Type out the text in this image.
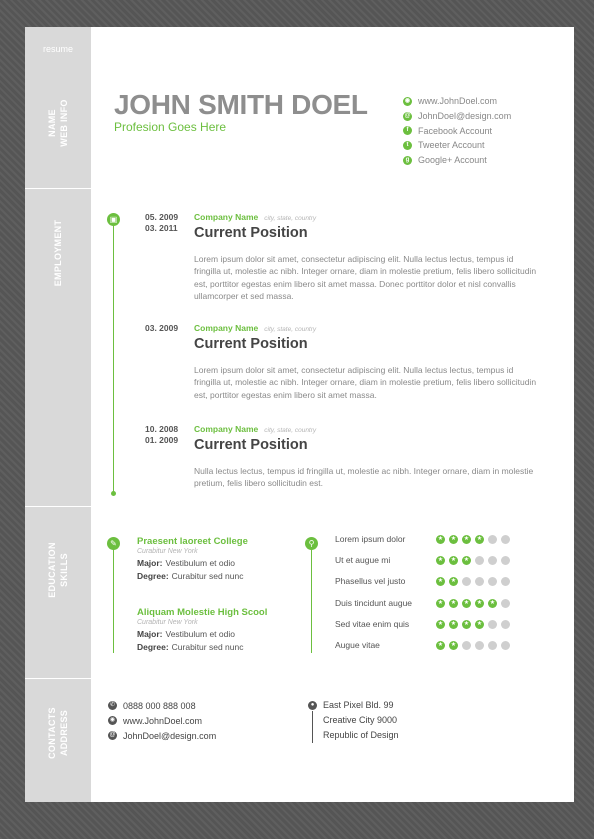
resume
NAME WEB INFO
EMPLOYMENT
EDUCATION SKILLS
CONTACTS ADDRESS
JOHN SMITH DOEL
Profesion Goes Here
◉ www.JohnDoel.com
@ JohnDoel@design.com
f	Facebook Account
t	Tweeter Account
g Google+ Account
▣	05. 2009
03. 2011
Company Name city, state, country
Current Position
Lorem ipsum dolor sit amet, consectetur adipiscing elit. Nulla lectus lectus, tempus id fringilla ut, molestie ac nibh. Integer ornare, diam in molestie pretium, felis libero sollicitudin est, porttitor egestas enim libero sit amet massa. Donec porttitor dolor et nisl convallis ullamcorper et sed massa.
03. 2009	Company Name city, state, country
Current Position
Lorem ipsum dolor sit amet, consectetur adipiscing elit. Nulla lectus lectus, tempus id fringilla ut, molestie ac nibh. Integer ornare, diam in molestie pretium, felis libero sollicitudin est, porttitor egestas enim libero sit amet massa.
10. 2008
01. 2009
Company Name city, state, country
Current Position
Nulla lectus lectus, tempus id fringilla ut, molestie ac nibh. Integer ornare, diam in molestie pretium, felis libero sollicitudin est.
✎	Praesent laoreet College
Curabitur New York
Major: Vestibulum et odio
Degree: Curabitur sed nunc
Aliquam Molestie High Scool
Curabitur New York
Major: Vestibulum et odio
Degree: Curabitur sed nunc
⚲	Lorem ipsum dolor	★	★	★	★
Ut et augue mi	★	★	★
Phasellus vel justo	★	★
Duis tincidunt augue	★	★	★	★	★
Sed vitae enim quis	★	★	★	★
Augue vitae	★	★
✆ 0888 000 888 008
◉ www.JohnDoel.com
@ JohnDoel@design.com
● East Pixel Bld. 99
Creative City 9000
Republic of Design
